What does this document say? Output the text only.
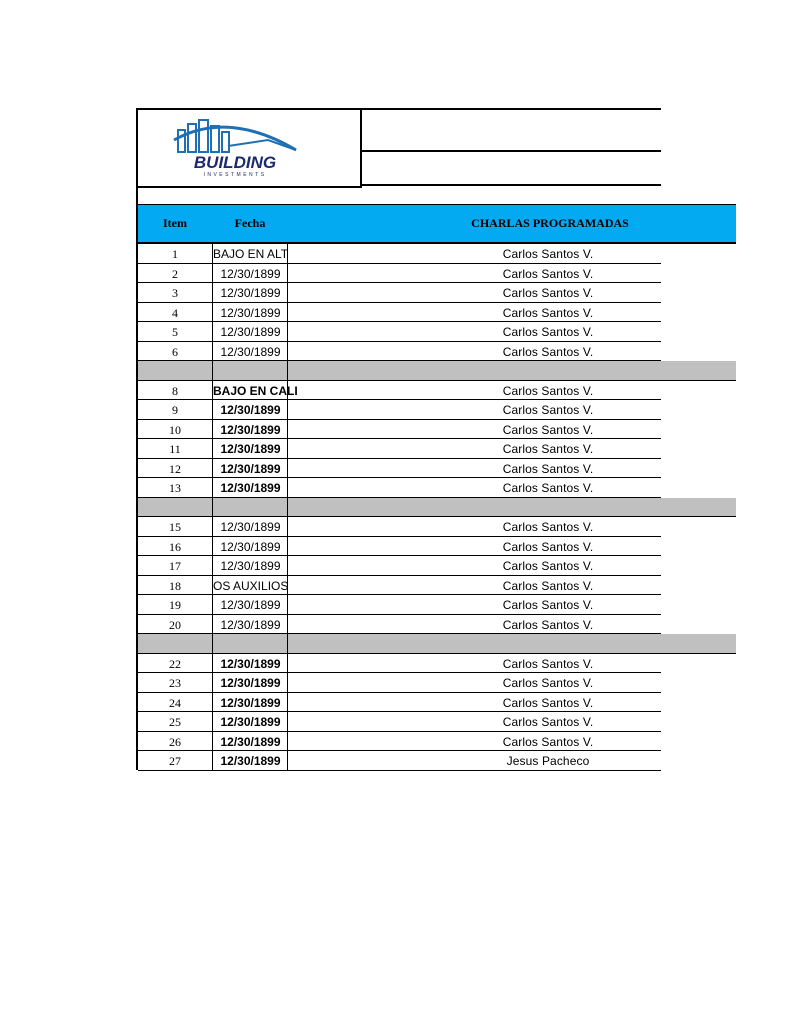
BUILDING
INVESTMENTS
Item	Fecha	CHARLAS PROGRAMADAS
1	BAJO EN ALT	Carlos Santos V.
2	12/30/1899	Carlos Santos V.
3	12/30/1899	Carlos Santos V.
4	12/30/1899	Carlos Santos V.
5	12/30/1899	Carlos Santos V.
6	12/30/1899	Carlos Santos V.
8	BAJO EN CALI	Carlos Santos V.
9	12/30/1899	Carlos Santos V.
10	12/30/1899	Carlos Santos V.
11	12/30/1899	Carlos Santos V.
12	12/30/1899	Carlos Santos V.
13	12/30/1899	Carlos Santos V.
15	12/30/1899	Carlos Santos V.
16	12/30/1899	Carlos Santos V.
17	12/30/1899	Carlos Santos V.
18	OS AUXILIOS	Carlos Santos V.
19	12/30/1899	Carlos Santos V.
20	12/30/1899	Carlos Santos V.
22	12/30/1899	Carlos Santos V.
23	12/30/1899	Carlos Santos V.
24	12/30/1899	Carlos Santos V.
25	12/30/1899	Carlos Santos V.
26	12/30/1899	Carlos Santos V.
27	12/30/1899	Jesus Pacheco
